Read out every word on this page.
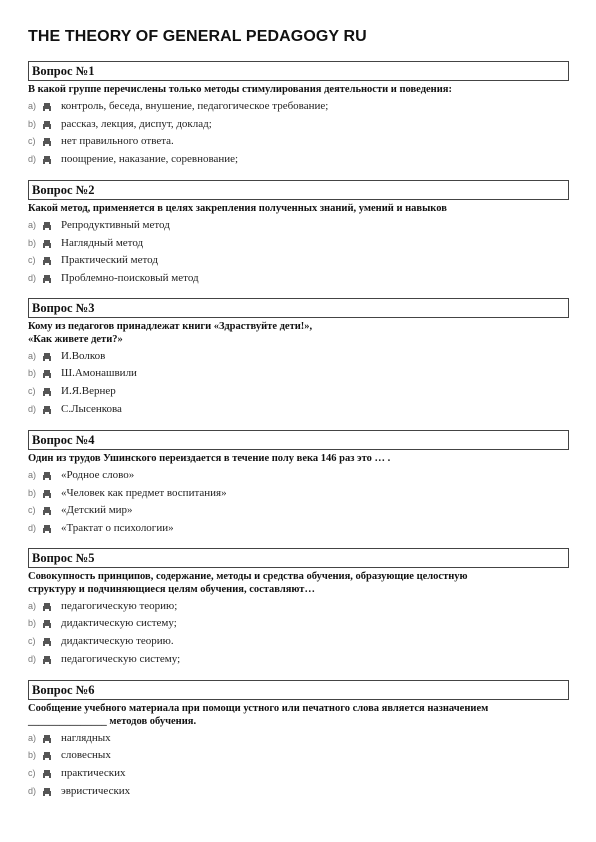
THE THEORY OF GENERAL PEDAGOGY RU
Вопрос №1
В какой группе перечислены только методы стимулирования деятельности и поведения:
a)	контроль, беседа, внушение, педагогическое требование;
b)	рассказ, лекция, диспут, доклад;
c)	нет правильного ответа.
d)	поощрение, наказание, соревнование;
Вопрос №2
Какой метод, применяется в целях закрепления полученных знаний, умений и навыков
a)	Репродуктивный метод
b)	Наглядный метод
c)	Практический метод
d)	Проблемно-поисковый метод
Вопрос №3
Кому из педагогов принадлежат книги «Здраствуйте дети!»,
«Как живете дети?»
a)	И.Волков
b)	Ш.Амонашвили
c)	И.Я.Вернер
d)	С.Лысенкова
Вопрос №4
Один из трудов Ушинского переиздается в течение полу века 146 раз это … .
a)	«Родное слово»
b)	«Человек как предмет воспитания»
c)	«Детский мир»
d)	«Трактат о психологии»
Вопрос №5
Совокупность принципов, содержание, методы и средства обучения, образующие целостную
структуру и подчиняющиеся целям обучения, составляют…
a)	педагогическую теорию;
b)	дидактическую систему;
c)	дидактическую теорию.
d)	педагогическую систему;
Вопрос №6
Сообщение учебного материала при помощи устного или печатного слова является назначением
_______________ методов обучения.
a)	наглядных
b)	словесных
c)	практических
d)	эвристических
